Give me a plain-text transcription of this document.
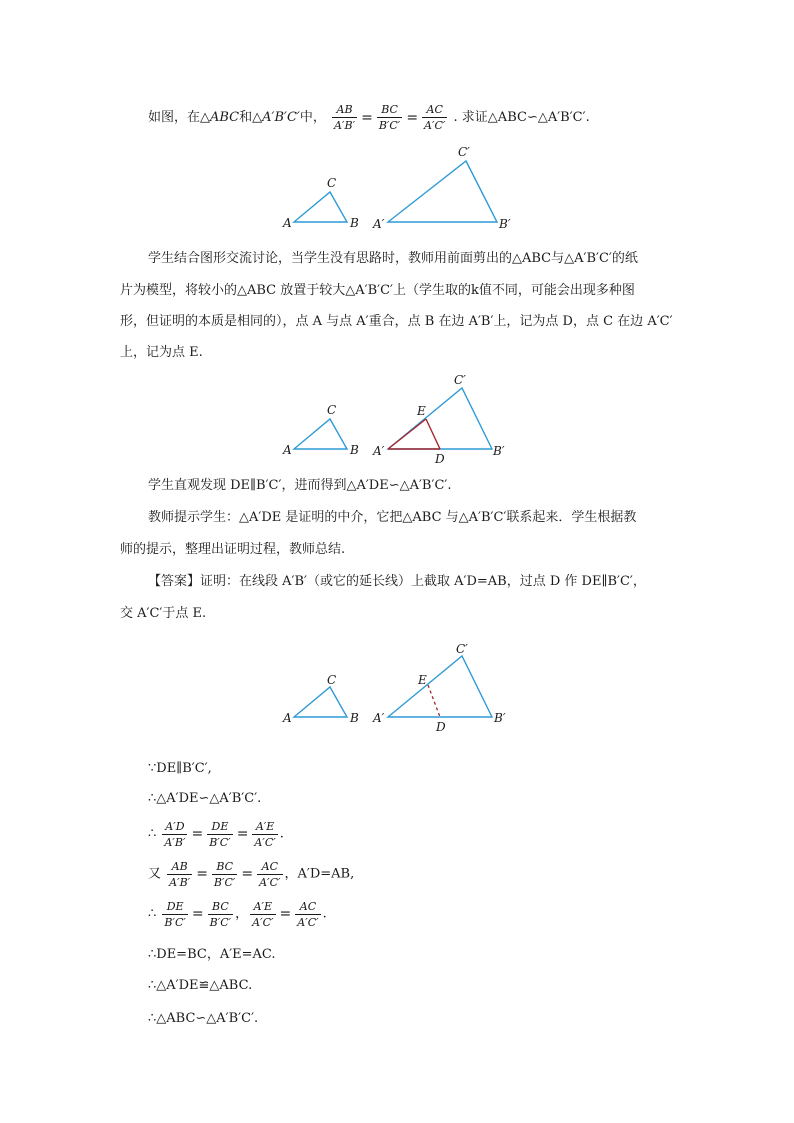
如图，在△ABC和△A′B′C′中， $\frac{AB}{A'B'} = \frac{BC}{B'C'} = \frac{AC}{A'C'}$ . 求证△ABC∽△A′B′C′.
A	B
C
A′	B′
C′
学生结合图形交流讨论，当学生没有思路时，教师用前面剪出的△ABC与△A′B′C′的纸
片为模型，将较小的△ABC 放置于较大△A′B′C′上（学生取的k值不同，可能会出现多种图
形，但证明的本质是相同的），点 A 与点 A′重合，点 B 在边 A′B′上，记为点 D，点 C 在边 A′C′
上，记为点 E.
A	B
C
A′	B′
C′
E
D
学生直观发现 DE∥B′C′，进而得到△A′DE∽△A′B′C′.
教师提示学生：△A′DE 是证明的中介，它把△ABC 与△A′B′C′联系起来．学生根据教
师的提示，整理出证明过程，教师总结.
【答案】证明：在线段 A′B′（或它的延长线）上截取 A′D=AB，过点 D 作 DE∥B′C′，
交 A′C′于点 E.
A	B
C
A′	B′
C′
E
D
∵DE∥B′C′,
∴△A′DE∽△A′B′C′.
∴ $\frac{A'D}{A'B'} = \frac{DE}{B'C'} = \frac{A'E}{A'C'}$ .
又 $\frac{AB}{A'B'} = \frac{BC}{B'C'} = \frac{AC}{A'C'}$ ，A′D=AB,
∴ $\frac{DE}{B'C'} = \frac{BC}{B'C'}$ ， $\frac{A'E}{A'C'} = \frac{AC}{A'C'}$ .
∴DE=BC，A′E=AC.
∴△A′DE≌△ABC.
∴△ABC∽△A′B′C′.
